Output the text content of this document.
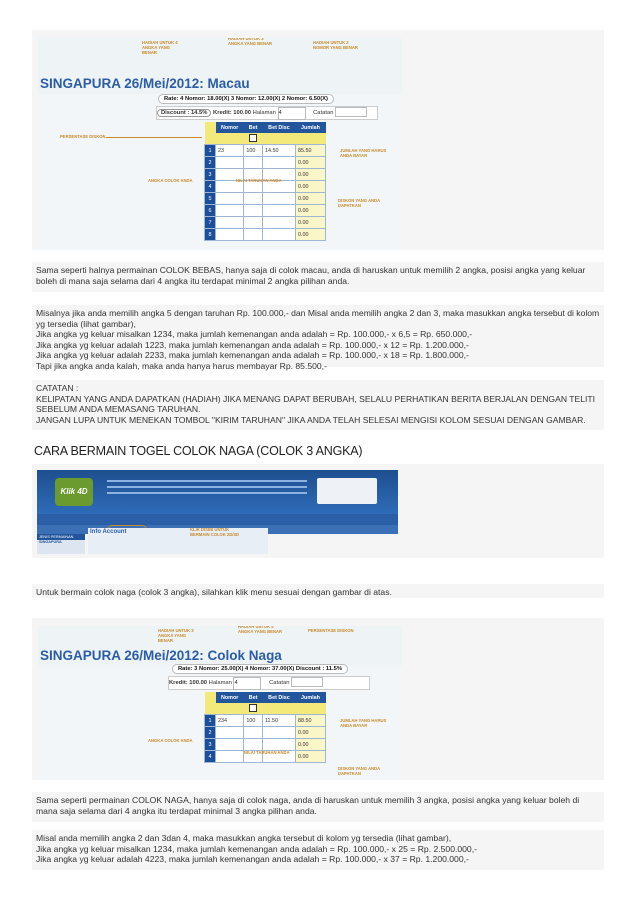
HADIAH UNTUK 4 ANGKA YANG BENAR
HADIAH UNTUK 3 ANGKA YANG BENAR	HADIAH UNTUK 2 NOMOR YANG BENAR
SINGAPURA 26/Mei/2012: Macau
Rate: 4 Nomor: 18.00(X) 3 Nomor: 12.00(X) 2 Nomor: 6.50(X)
Discount : 14.5% Kredit: 100.00 Halaman 4	Catatan
PERSENTASE DISKON
	Nomor	Bet	Bet Disc	Jumlah

1	23	100	14.50	85.50
2				0.00
3				0.00
4				0.00
5				0.00
6				0.00
7				0.00
8				0.00
ANGKA COLOK ANDA	NILAI TARUHAN ANDA
JUMLAH YANG HARUS ANDA BAYAR
DISKON YANG ANDA DAPATKAN

Sama seperti halnya permainan COLOK BEBAS, hanya saja di colok macau, anda di haruskan untuk memilih 2 angka, posisi angka yang keluar boleh di mana saja selama dari 4 angka itu terdapat minimal 2 angka pilihan anda.

Misalnya jika anda memilih angka 5 dengan taruhan Rp. 100.000,- dan Misal anda memilih angka 2 dan 3, maka masukkan angka tersebut di kolom yg tersedia (lihat gambar),

Jika angka yg keluar misalkan 1234, maka jumlah kemenangan anda adalah = Rp. 100.000,- x 6,5 = Rp. 650.000,-

Jika angka yg keluar adalah 1223, maka jumlah kemenangan anda adalah = Rp. 100.000,- x 12 = Rp. 1.200.000,-

Jika angka yg keluar adalah 2233, maka jumlah kemenangan anda adalah = Rp. 100.000,- x 18 = Rp. 1.800.000,-

Tapi jika angka anda kalah, maka anda hanya harus membayar Rp. 85.500,-

CATATAN :

KELIPATAN YANG ANDA DAPATKAN (HADIAH) JIKA MENANG DAPAT BERUBAH, SELALU PERHATIKAN BERITA BERJALAN DENGAN TELITI SEBELUM ANDA MEMASANG TARUHAN.

JANGAN LUPA UNTUK MENEKAN TOMBOL "KIRIM TARUHAN" JIKA ANDA TELAH SELESAI MENGISI KOLOM SESUAI DENGAN GAMBAR.

CARA BERMAIN TOGEL COLOK NAGA (COLOK 3 ANGKA)
Klik 4D
JENIS PERMAINAN
SINGAPURA
Info Account	KLIK DISINI UNTUK BERMAIN COLOK 2D/3D

Untuk bermain colok naga (colok 3 angka), silahkan klik menu sesuai dengan gambar di atas.

HADIAH UNTUK 3 ANGKA YANG BENAR
HADIAH UNTUK 4 ANGKA YANG BENAR	PERSENTASE DISKON
SINGAPURA 26/Mei/2012: Colok Naga
Rate: 3 Nomor: 25.00(X) 4 Nomor: 37.00(X) Discount : 11.5%
Kredit: 100.00 Halaman 4	Catatan
	Nomor	Bet	Bet Disc	Jumlah

1	234	100	11.50	88.50
2				0.00
3				0.00
4				0.00
ANGKA COLOK ANDA
NILAI TARUHAN ANDA
JUMLAH YANG HARUS ANDA BAYAR
DISKON YANG ANDA DAPATKAN

Sama seperti permainan COLOK NAGA, hanya saja di colok naga, anda di haruskan untuk memilih 3 angka, posisi angka yang keluar boleh di mana saja selama dari 4 angka itu terdapat minimal 3 angka pilihan anda.

Misal anda memilih angka 2 dan 3dan 4, maka masukkan angka tersebut di kolom yg tersedia (lihat gambar),

Jika angka yg keluar misalkan 1234, maka jumlah kemenangan anda adalah = Rp. 100.000,- x 25 = Rp. 2.500.000,-

Jika angka yg keluar adalah 4223, maka jumlah kemenangan anda adalah = Rp. 100.000,- x 37 = Rp. 1.200.000,-
